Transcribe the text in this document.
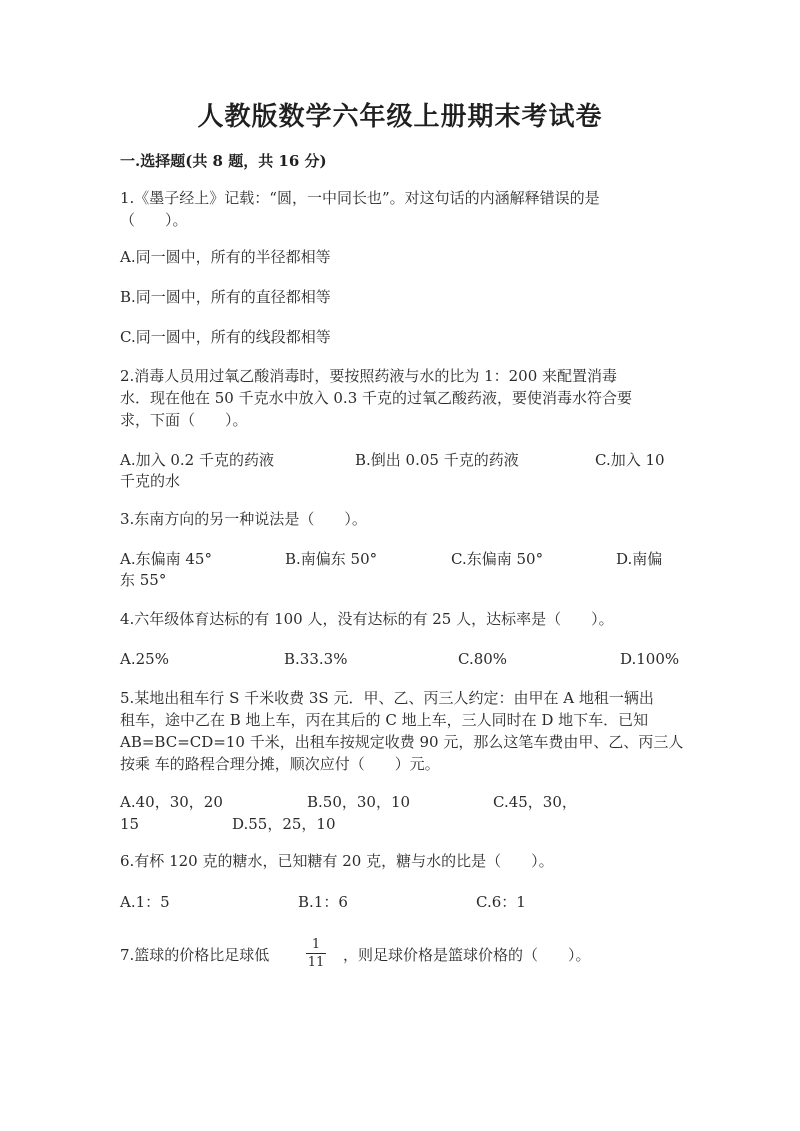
人教版数学六年级上册期末考试卷
一.选择题(共 8 题，共 16 分)
1.《墨子经上》记载：“圆，一中同长也”。对这句话的内涵解释错误的是
（　　）。
A.同一圆中，所有的半径都相等
B.同一圆中，所有的直径都相等
C.同一圆中，所有的线段都相等
2.消毒人员用过氧乙酸消毒时，要按照药液与水的比为 1：200 来配置消毒
水．现在他在 50 千克水中放入 0.3 千克的过氧乙酸药液，要使消毒水符合要
求，下面（　　）。
A.加入 0.2 千克的药液	B.倒出 0.05 千克的药液	C.加入 10
千克的水
3.东南方向的另一种说法是（　　）。
A.东偏南 45°	B.南偏东 50°	C.东偏南 50°	D.南偏
东 55°
4.六年级体育达标的有 100 人，没有达标的有 25 人，达标率是（　　）。
A.25%	B.33.3%	C.80%	D.100%
5.某地出租车行 S 千米收费 3S 元．甲、乙、丙三人约定：由甲在 A 地租一辆出
租车，途中乙在 B 地上车，丙在其后的 C 地上车，三人同时在 D 地下车．已知
AB=BC=CD=10 千米，出租车按规定收费 90 元，那么这笔车费由甲、乙、丙三人
按乘 车的路程合理分摊，顺次应付（　　）元。
A.40，30，20	B.50，30，10	C.45，30，
15	D.55，25，10
6.有杯 120 克的糖水，已知糖有 20 克，糖与水的比是（　　）。
A.1：5	B.1：6	C.6：1
7.篮球的价格比足球低
1
11 ，则足球价格是篮球价格的（　　）。
